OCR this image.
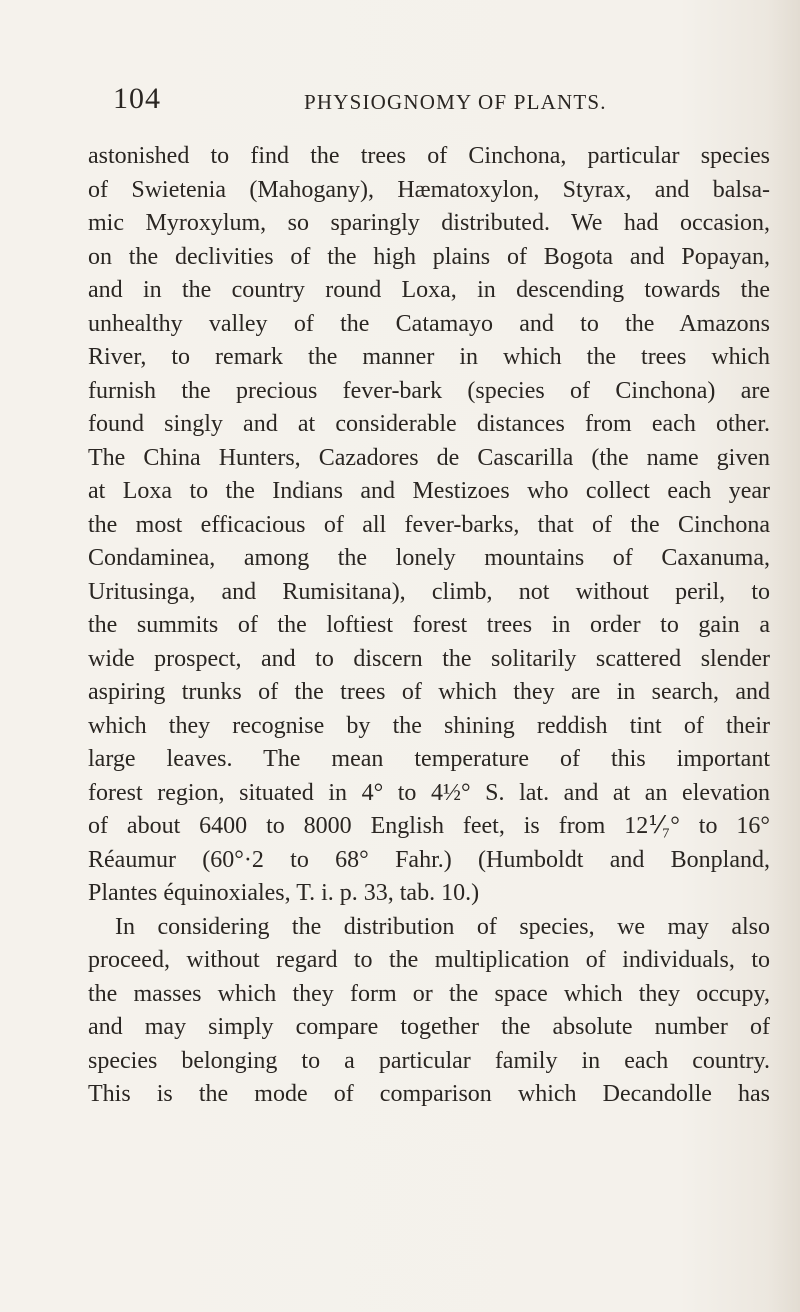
104	PHYSIOGNOMY OF PLANTS.
astonished to find the trees of Cinchona, particular species
of Swietenia (Mahogany), Hæmatoxylon, Styrax, and balsa-
mic Myroxylum, so sparingly distributed. We had occasion,
on the declivities of the high plains of Bogota and Popayan,
and in the country round Loxa, in descending towards the
unhealthy valley of the Catamayo and to the Amazons
River, to remark the manner in which the trees which
furnish the precious fever-bark (species of Cinchona) are
found singly and at considerable distances from each other.
The China Hunters, Cazadores de Cascarilla (the name given
at Loxa to the Indians and Mestizoes who collect each year
the most efficacious of all fever-barks, that of the Cinchona
Condaminea, among the lonely mountains of Caxanuma,
Uritusinga, and Rumisitana), climb, not without peril, to
the summits of the loftiest forest trees in order to gain a
wide prospect, and to discern the solitarily scattered slender
aspiring trunks of the trees of which they are in search, and
which they recognise by the shining reddish tint of their
large leaves. The mean temperature of this important
forest region, situated in 4° to 4½° S. lat. and at an elevation
of about 6400 to 8000 English feet, is from 12⅟₇° to 16°
Réaumur (60°·2 to 68° Fahr.) (Humboldt and Bonpland,
Plantes équinoxiales, T. i. p. 33, tab. 10.)
In considering the distribution of species, we may also
proceed, without regard to the multiplication of individuals, to
the masses which they form or the space which they occupy,
and may simply compare together the absolute number of
species belonging to a particular family in each country.
This is the mode of comparison which Decandolle has
